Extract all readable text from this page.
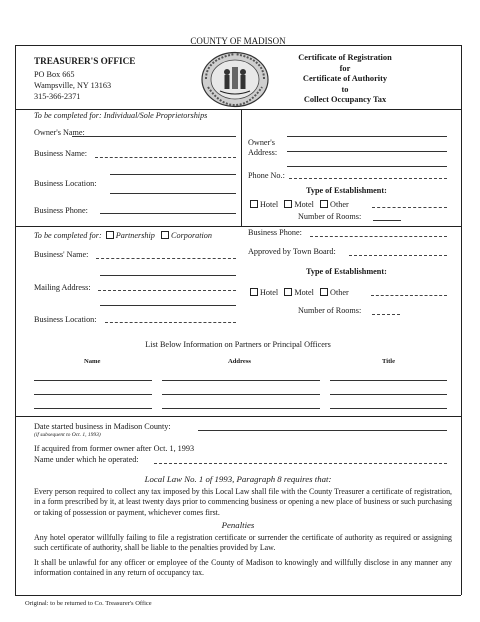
COUNTY OF MADISON
TREASURER'S OFFICE
PO Box 665
Wampsville, NY 13163
315-366-2371
Certificate of Registration
for
Certificate of Authority
to
Collect Occupancy Tax
To be completed for: Individual/Sole Proprietorships
Owner's Name:
Business Name:
Business Location:
Business Phone:
Owner's
Address:
Phone No.:
Type of Establishment:
Hotel Motel Other
Number of Rooms:
To be completed for: Partnership Corporation
Business' Name:
Mailing Address:
Business Location:
Business Phone:
Approved by Town Board:
Type of Establishment:
Hotel Motel Other
Number of Rooms:
List Below Information on Partners or Principal Officers
Name	Address	Title
Date started business in Madison County:
(if subsequent to Oct. 1, 1993)
If acquired from former owner after Oct. 1, 1993
Name under which he operated:
Local Law No. 1 of 1993, Paragraph 8 requires that:
Every person required to collect any tax imposed by this Local Law shall file with the County Treasurer a certificate of registration, in a form prescribed by it, at least twenty days prior to commencing business or opening a new place of business or such purchasing or taking of possession or payment, whichever comes first.
Penalties
Any hotel operator willfully failing to file a registration certificate or surrender the certificate of authority as required or assigning such certificate of authority, shall be liable to the penalties provided by Law.
It shall be unlawful for any officer or employee of the County of Madison to knowingly and willfully disclose in any manner any information contained in any return of occupancy tax.
Original: to be returned to Co. Treasurer's Office
